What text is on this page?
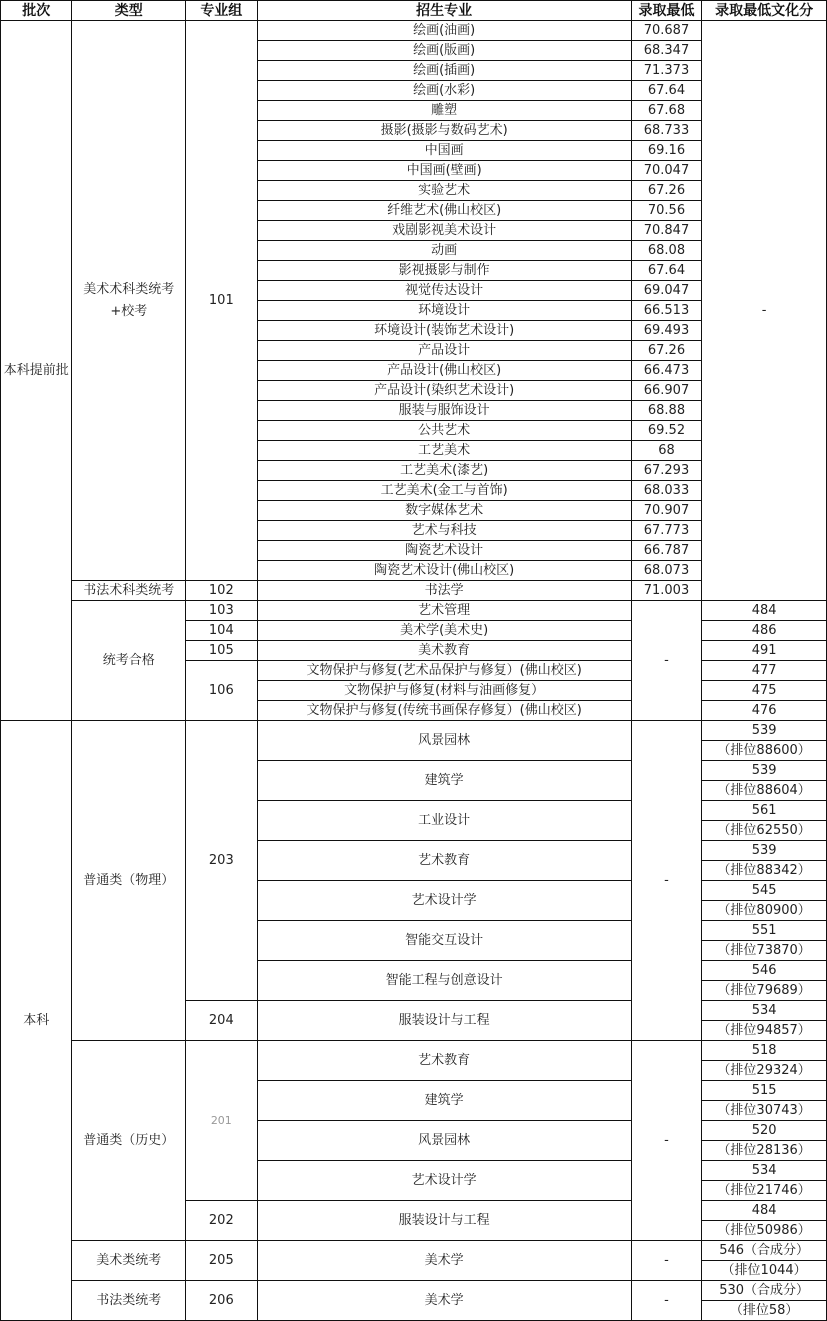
批次	类型	专业组	招生专业	录取最低	录取最低文化分
本科提前批	美术术科类统考+校考	101	绘画(油画)	70.687	-
			绘画(版画)	68.347	
			绘画(插画)	71.373	
			绘画(水彩)	67.64	
			雕塑	67.68	
			摄影(摄影与数码艺术)	68.733	
			中国画	69.16	
			中国画(壁画)	70.047	
			实验艺术	67.26	
			纤维艺术(佛山校区)	70.56	
			戏剧影视美术设计	70.847	
			动画	68.08	
			影视摄影与制作	67.64	
			视觉传达设计	69.047	
			环境设计	66.513	
			环境设计(装饰艺术设计)	69.493	
			产品设计	67.26	
			产品设计(佛山校区)	66.473	
			产品设计(染织艺术设计)	66.907	
			服装与服饰设计	68.88	
			公共艺术	69.52	
			工艺美术	68	
			工艺美术(漆艺)	67.293	
			工艺美术(金工与首饰)	68.033	
			数字媒体艺术	70.907	
			艺术与科技	67.773	
			陶瓷艺术设计	66.787	
			陶瓷艺术设计(佛山校区)	68.073	
	书法术科类统考	102	书法学	71.003	
	统考合格	103	艺术管理	-	484
		104	美术学(美术史)		486
		105	美术教育		491
		106	文物保护与修复(艺术品保护与修复）(佛山校区)		477
			文物保护与修复(材料与油画修复）		475
			文物保护与修复(传统书画保存修复）(佛山校区)		476
本科	普通类（物理）	203	风景园林	-	539
					（排位88600）
			建筑学		539
					（排位88604）
			工业设计		561
					（排位62550）
			艺术教育		539
					（排位88342）
			艺术设计学		545
					（排位80900）
			智能交互设计		551
					（排位73870）
			智能工程与创意设计		546
					（排位79689）
		204	服装设计与工程		534
					（排位94857）
	普通类（历史）	201	艺术教育	-	518
					（排位29324）
			建筑学		515
					（排位30743）
			风景园林		520
					（排位28136）
			艺术设计学		534
					（排位21746）
		202	服装设计与工程		484
					（排位50986）
	美术类统考	205	美术学	-	546（合成分）
					（排位1044）
	书法类统考	206	美术学	-	530（合成分）
					（排位58）
